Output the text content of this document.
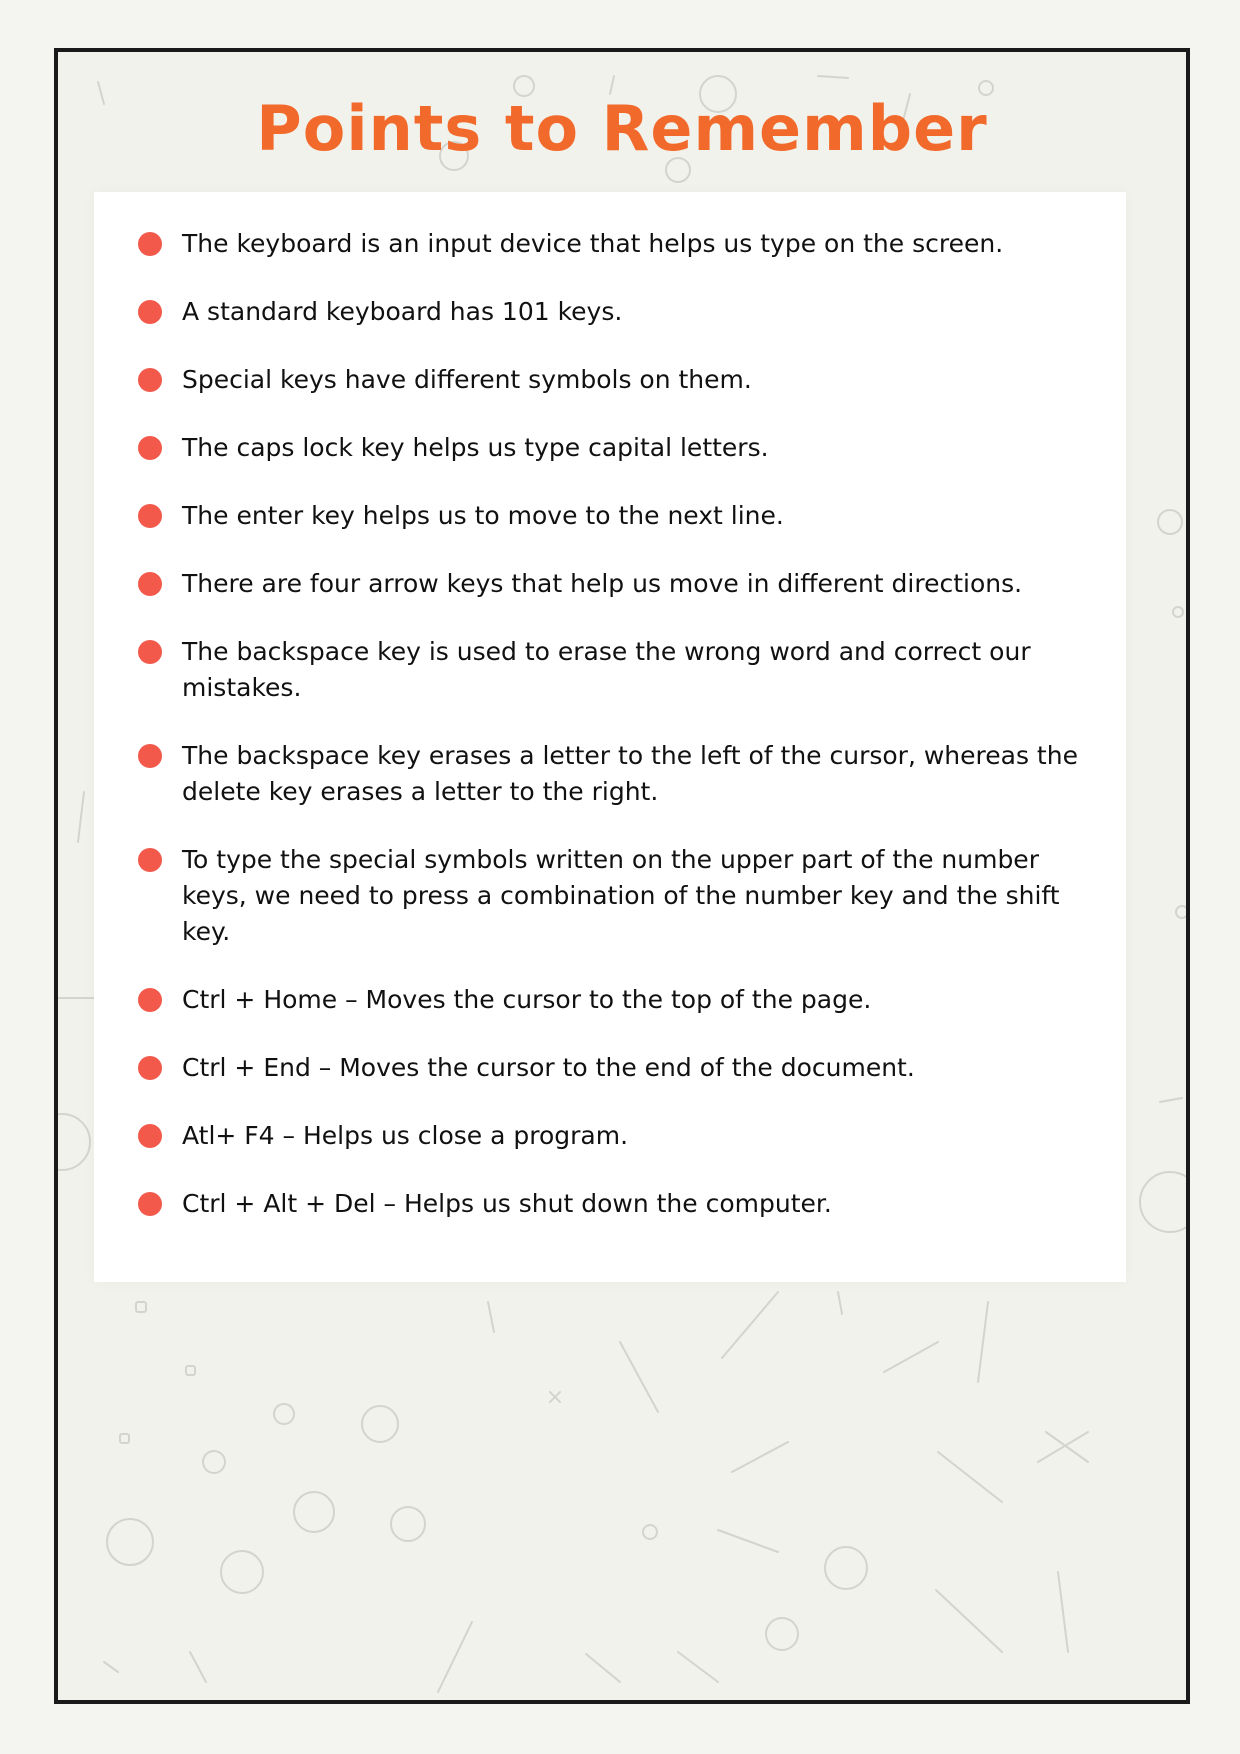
Points to Remember
The keyboard is an input device that helps us type on the screen.
A standard keyboard has 101 keys.
Special keys have different symbols on them.
The caps lock key helps us type capital letters.
The enter key helps us to move to the next line.
There are four arrow keys that help us move in different directions.
The backspace key is used to erase the wrong word and correct our mistakes.
The backspace key erases a letter to the left of the cursor, whereas the delete key erases a letter to the right.
To type the special symbols written on the upper part of the number keys, we need to press a combination of the number key and the shift key.
Ctrl + Home – Moves the cursor to the top of the page.
Ctrl + End – Moves the cursor to the end of the document.
Atl+ F4 – Helps us close a program.
Ctrl + Alt + Del – Helps us shut down the computer.
